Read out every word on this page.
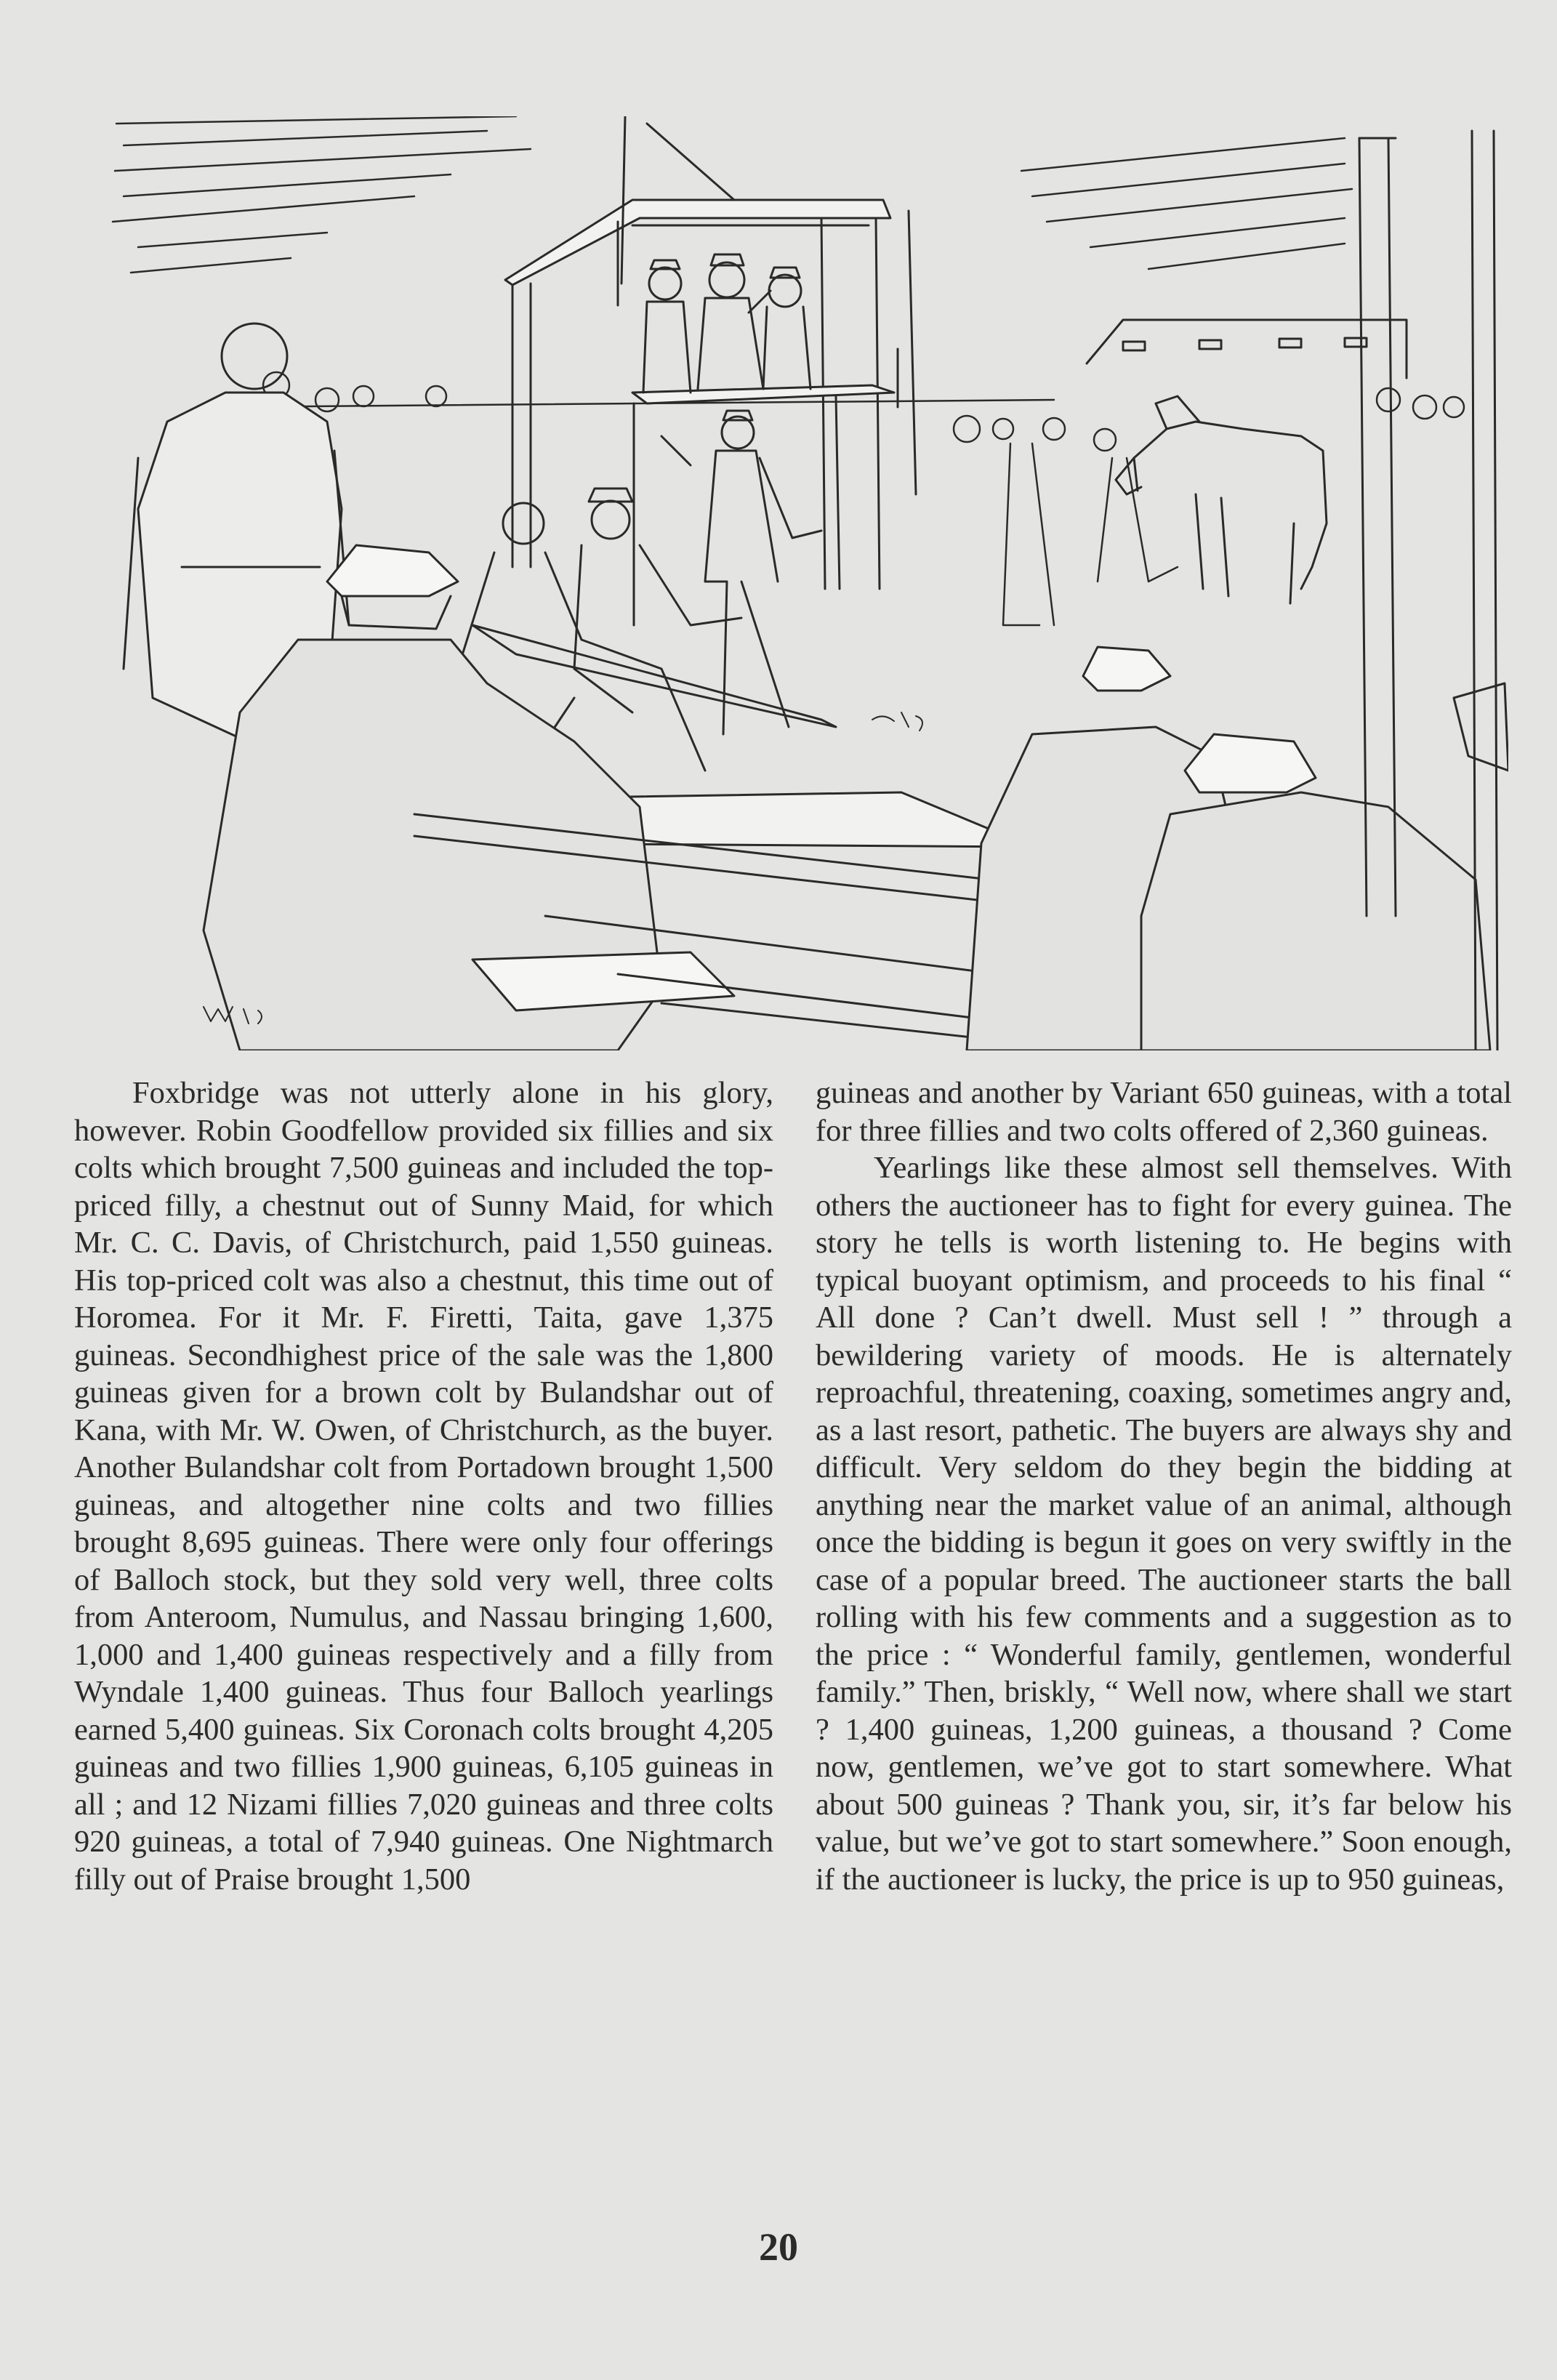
Foxbridge was not utterly alone in his glory, however. Robin Goodfellow provided six fillies and six colts which brought 7,500 guineas and included the top-priced filly, a chestnut out of Sunny Maid, for which Mr. C. C. Davis, of Christchurch, paid 1,550 guineas. His top-priced colt was also a chestnut, this time out of Horomea. For it Mr. F. Firetti, Taita, gave 1,375 guineas. Secondhighest price of the sale was the 1,800 guineas given for a brown colt by Bulandshar out of Kana, with Mr. W. Owen, of Christchurch, as the buyer. Another Bulandshar colt from Portadown brought 1,500 guineas, and altogether nine colts and two fillies brought 8,695 guineas. There were only four offerings of Balloch stock, but they sold very well, three colts from Anteroom, Numulus, and Nassau bringing 1,600, 1,000 and 1,400 guineas respectively and a filly from Wyndale 1,400 guineas. Thus four Balloch yearlings earned 5,400 guineas. Six Coronach colts brought 4,205 guineas and two fillies 1,900 guineas, 6,105 guineas in all ; and 12 Nizami fillies 7,020 guineas and three colts 920 guineas, a total of 7,940 guineas. One Nightmarch filly out of Praise brought 1,500

guineas and another by Variant 650 guineas, with a total for three fillies and two colts offered of 2,360 guineas.

Yearlings like these almost sell themselves. With others the auctioneer has to fight for every guinea. The story he tells is worth listening to. He begins with typical buoyant optimism, and proceeds to his final “ All done ? Can’t dwell. Must sell ! ” through a bewildering variety of moods. He is alternately reproachful, threatening, coaxing, sometimes angry and, as a last resort, pathetic. The buyers are always shy and difficult. Very seldom do they begin the bidding at anything near the market value of an animal, although once the bidding is begun it goes on very swiftly in the case of a popular breed. The auctioneer starts the ball rolling with his few comments and a suggestion as to the price : “ Wonderful family, gentlemen, wonderful family.” Then, briskly, “ Well now, where shall we start ? 1,400 guineas, 1,200 guineas, a thousand ? Come now, gentlemen, we’ve got to start somewhere. What about 500 guineas ? Thank you, sir, it’s far below his value, but we’ve got to start somewhere.” Soon enough, if the auctioneer is lucky, the price is up to 950 guineas,

20
